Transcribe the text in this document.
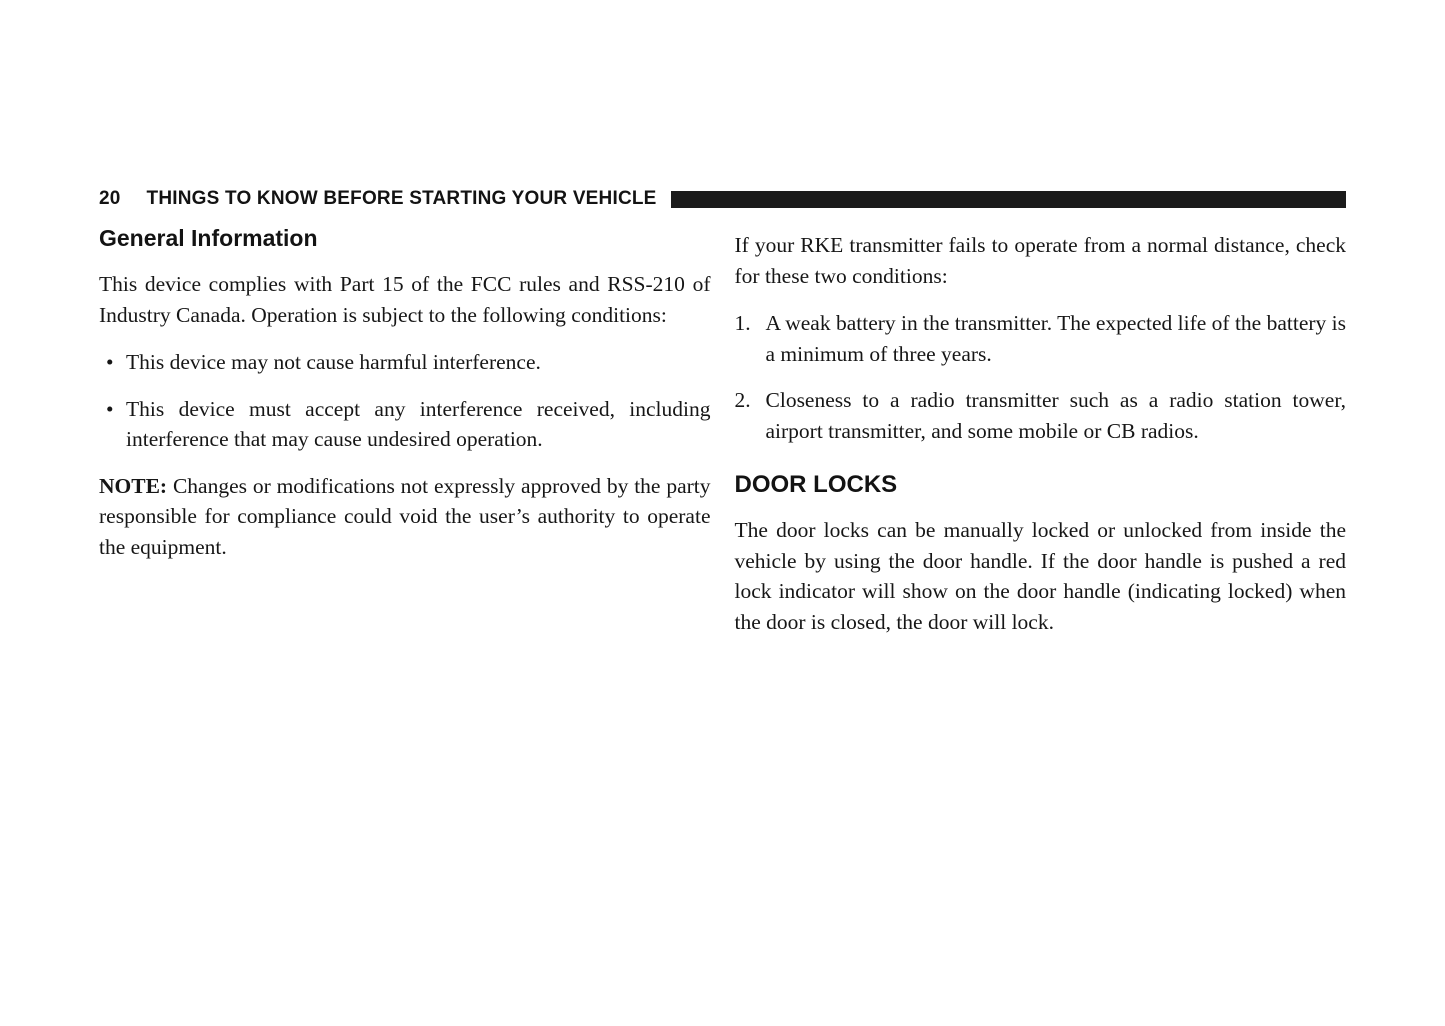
20 THINGS TO KNOW BEFORE STARTING YOUR VEHICLE
General Information

This device complies with Part 15 of the FCC rules and RSS-210 of Industry Canada. Operation is subject to the following conditions:

• This device may not cause harmful interference.
• This device must accept any interference received, including interference that may cause undesired operation.

NOTE: Changes or modifications not expressly approved by the party responsible for compliance could void the user’s authority to operate the equipment.

If your RKE transmitter fails to operate from a normal distance, check for these two conditions:

1. A weak battery in the transmitter. The expected life of the battery is a minimum of three years.
2. Closeness to a radio transmitter such as a radio station tower, airport transmitter, and some mobile or CB radios.
DOOR LOCKS

The door locks can be manually locked or unlocked from inside the vehicle by using the door handle. If the door handle is pushed a red lock indicator will show on the door handle (indicating locked) when the door is closed, the door will lock.
